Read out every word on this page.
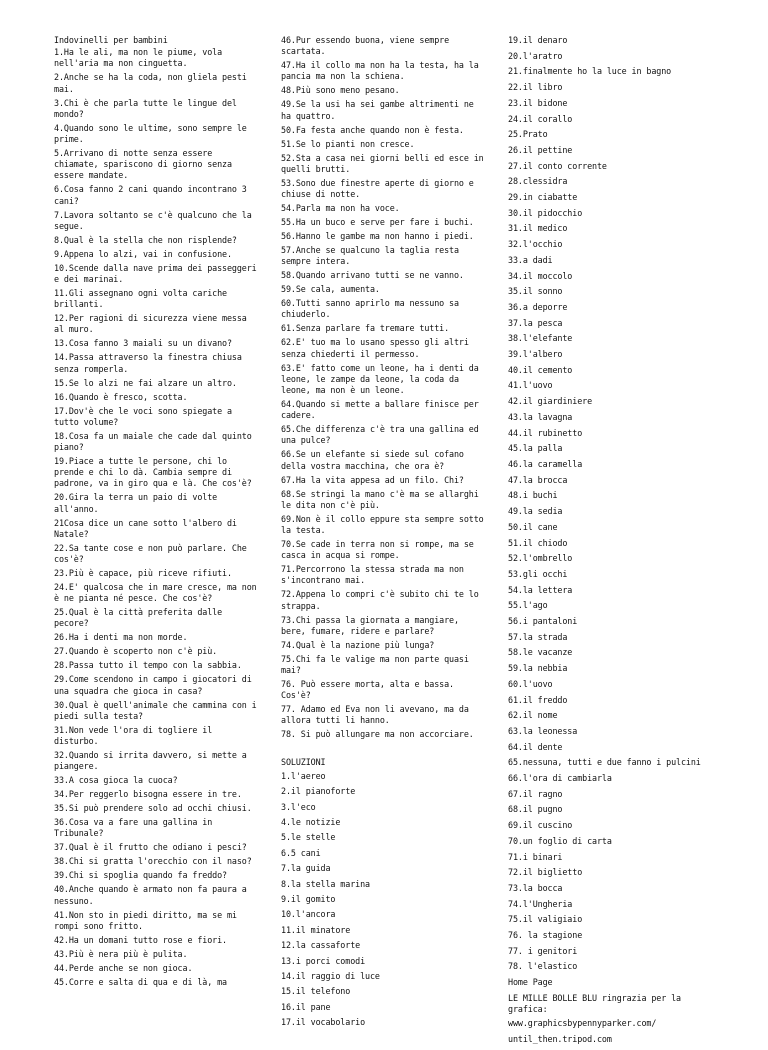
Indovinelli per bambini
1.Ha le ali, ma non le piume, vola nell'aria ma non cinguetta.
2.Anche se ha la coda, non gliela pesti mai.
3.Chi è che parla tutte le lingue del mondo?
4.Quando sono le ultime, sono sempre le prime.
5.Arrivano di notte senza essere chiamate, spariscono di giorno senza essere mandate.
6.Cosa fanno 2 cani quando incontrano 3 cani?
7.Lavora soltanto se c'è qualcuno che la segue.
8.Qual è la stella che non risplende?
9.Appena lo alzi, vai in confusione.
10.Scende dalla nave prima dei passeggeri e dei marinai.
11.Gli assegnano ogni volta cariche brillanti.
12.Per ragioni di sicurezza viene messa al muro.
13.Cosa fanno 3 maiali su un divano?
14.Passa attraverso la finestra chiusa senza romperla.
15.Se lo alzi ne fai alzare un altro.
16.Quando è fresco, scotta.
17.Dov'è che le voci sono spiegate a tutto volume?
18.Cosa fa un maiale che cade dal quinto piano?
19.Piace a tutte le persone, chi lo prende e chi lo dà. Cambia sempre di padrone, va in giro qua e là. Che cos'è?
20.Gira la terra un paio di volte all'anno.
21Cosa dice un cane sotto l'albero di Natale?
22.Sa tante cose e non può parlare. Che cos'è?
23.Più è capace, più riceve rifiuti.
24.E' qualcosa che in mare cresce, ma non è ne pianta né pesce. Che cos'è?
25.Qual è la città preferita dalle pecore?
26.Ha i denti ma non morde.
27.Quando è scoperto non c'è più.
28.Passa tutto il tempo con la sabbia.
29.Come scendono in campo i giocatori di una squadra che gioca in casa?
30.Qual è quell'animale che cammina con i piedi sulla testa?
31.Non vede l'ora di togliere il disturbo.
32.Quando si irrita davvero, si mette a piangere.
33.A cosa gioca la cuoca?
34.Per reggerlo bisogna essere in tre.
35.Si può prendere solo ad occhi chiusi.
36.Cosa va a fare una gallina in Tribunale?
37.Qual è il frutto che odiano i pesci?
38.Chi si gratta l'orecchio con il naso?
39.Chi si spoglia quando fa freddo?
40.Anche quando è armato non fa paura a nessuno.
41.Non sto in piedi diritto, ma se mi rompi sono fritto.
42.Ha un domani tutto rose e fiori.
43.Più è nera più è pulita.
44.Perde anche se non gioca.
45.Corre e salta di qua e di là, ma
46.Pur essendo buona, viene sempre scartata.
47.Ha il collo ma non ha la testa, ha la pancia ma non la schiena.
48.Più sono meno pesano.
49.Se la usi ha sei gambe altrimenti ne ha quattro.
50.Fa festa anche quando non è festa.
51.Se lo pianti non cresce.
52.Sta a casa nei giorni belli ed esce in quelli brutti.
53.Sono due finestre aperte di giorno e chiuse di notte.
54.Parla ma non ha voce.
55.Ha un buco e serve per fare i buchi.
56.Hanno le gambe ma non hanno i piedi.
57.Anche se qualcuno la taglia resta sempre intera.
58.Quando arrivano tutti se ne vanno.
59.Se cala, aumenta.
60.Tutti sanno aprirlo ma nessuno sa chiuderlo.
61.Senza parlare fa tremare tutti.
62.E' tuo ma lo usano spesso gli altri senza chiederti il permesso.
63.E' fatto come un leone, ha i denti da leone, le zampe da leone, la coda da leone, ma non è un leone.
64.Quando si mette a ballare finisce per cadere.
65.Che differenza c'è tra una gallina ed una pulce?
66.Se un elefante si siede sul cofano della vostra macchina, che ora è?
67.Ha la vita appesa ad un filo. Chi?
68.Se stringi la mano c'è ma se allarghi le dita non c'è più.
69.Non è il collo eppure sta sempre sotto la testa.
70.Se cade in terra non si rompe, ma se casca in acqua si rompe.
71.Percorrono la stessa strada ma non s'incontrano mai.
72.Appena lo compri c'è subito chi te lo strappa.
73.Chi passa la giornata a mangiare, bere, fumare, ridere e parlare?
74.Qual è la nazione più lunga?
75.Chi fa le valige ma non parte quasi mai?
76. Può essere morta, alta e bassa. Cos'è?
77. Adamo ed Eva non li avevano, ma da allora tutti li hanno.
78. Si può allungare ma non accorciare.
SOLUZIONI
1.l'aereo
2.il pianoforte
3.l'eco
4.le notizie
5.le stelle
6.5 cani
7.la guida
8.la stella marina
9.il gomito
10.l'ancora
11.il minatore
12.la cassaforte
13.i porci comodi
14.il raggio di luce
15.il telefono
16.il pane
17.il vocabolario
19.il denaro
20.l'aratro
21.finalmente ho la luce in bagno
22.il libro
23.il bidone
24.il corallo
25.Prato
26.il pettine
27.il conto corrente
28.clessidra
29.in ciabatte
30.il pidocchio
31.il medico
32.l'occhio
33.a dadi
34.il moccolo
35.il sonno
36.a deporre
37.la pesca
38.l'elefante
39.l'albero
40.il cemento
41.l'uovo
42.il giardiniere
43.la lavagna
44.il rubinetto
45.la palla
46.la caramella
47.la brocca
48.i buchi
49.la sedia
50.il cane
51.il chiodo
52.l'ombrello
53.gli occhi
54.la lettera
55.l'ago
56.i pantaloni
57.la strada
58.le vacanze
59.la nebbia
60.l'uovo
61.il freddo
62.il nome
63.la leonessa
64.il dente
65.nessuna, tutti e due fanno i pulcini
66.l'ora di cambiarla
67.il ragno
68.il pugno
69.il cuscino
70.un foglio di carta
71.i binari
72.il biglietto
73.la bocca
74.l'Ungheria
75.il valigiaio
76. la stagione
77. i genitori
78. l'elastico
Home Page
LE MILLE BOLLE BLU ringrazia per la grafica:
www.graphicsbypennyparker.com/
until_then.tripod.com
